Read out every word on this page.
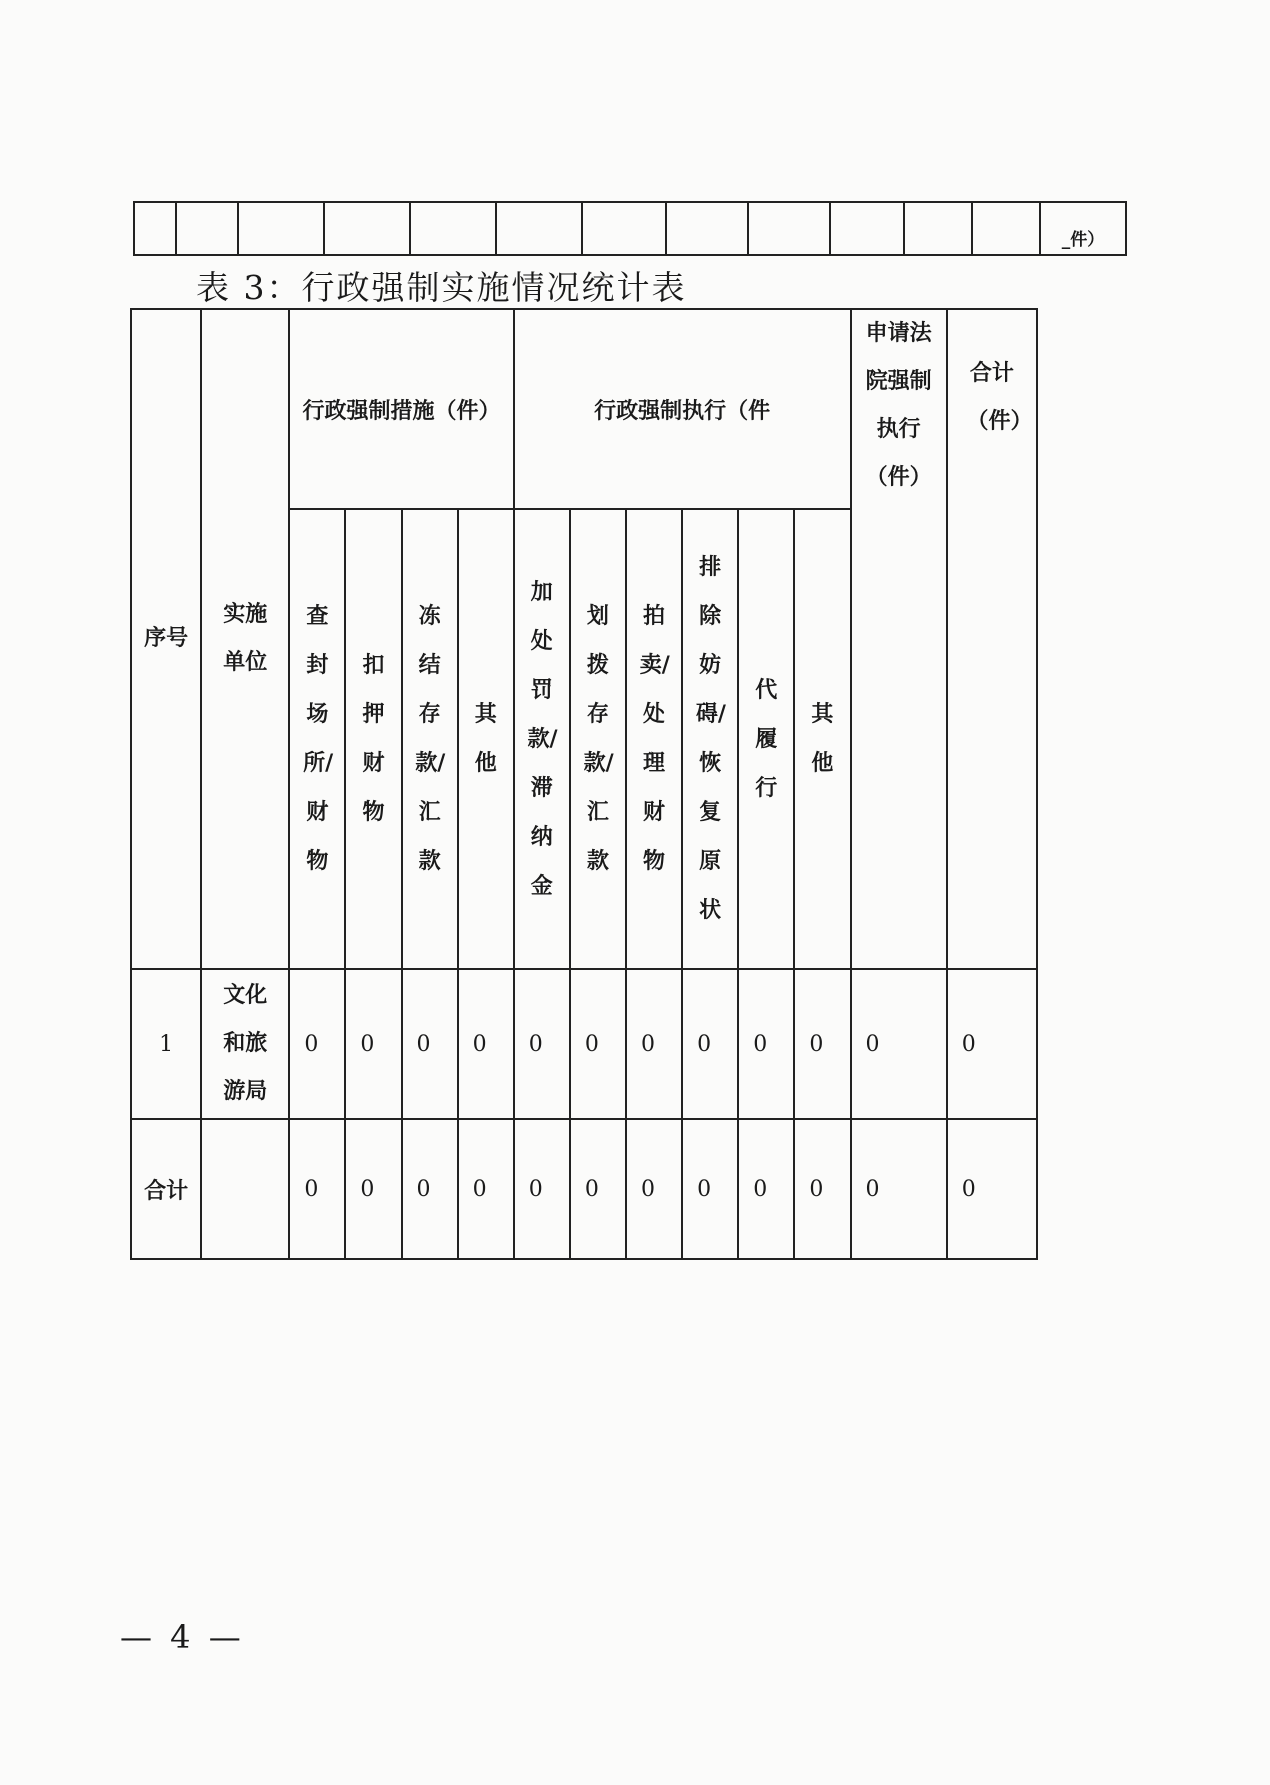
												_件）
表 3：行政强制实施情况统计表
序号	实施单位	行政强制措施（件）				行政强制执行（件						申请法院强制执行（件）	合计（件）
		查封场所/财物	扣押财物	冻结存款/汇款	其他	加处罚款/滞纳金	划拨存款/汇款	拍卖/处理财物	排除妨碍/恢复原状	代履行	其他		
1	文化和旅游局	0	0	0	0	0	0	0	0	0	0	0	0
合计		0	0	0	0	0	0	0	0	0	0	0	0
— 4 —
